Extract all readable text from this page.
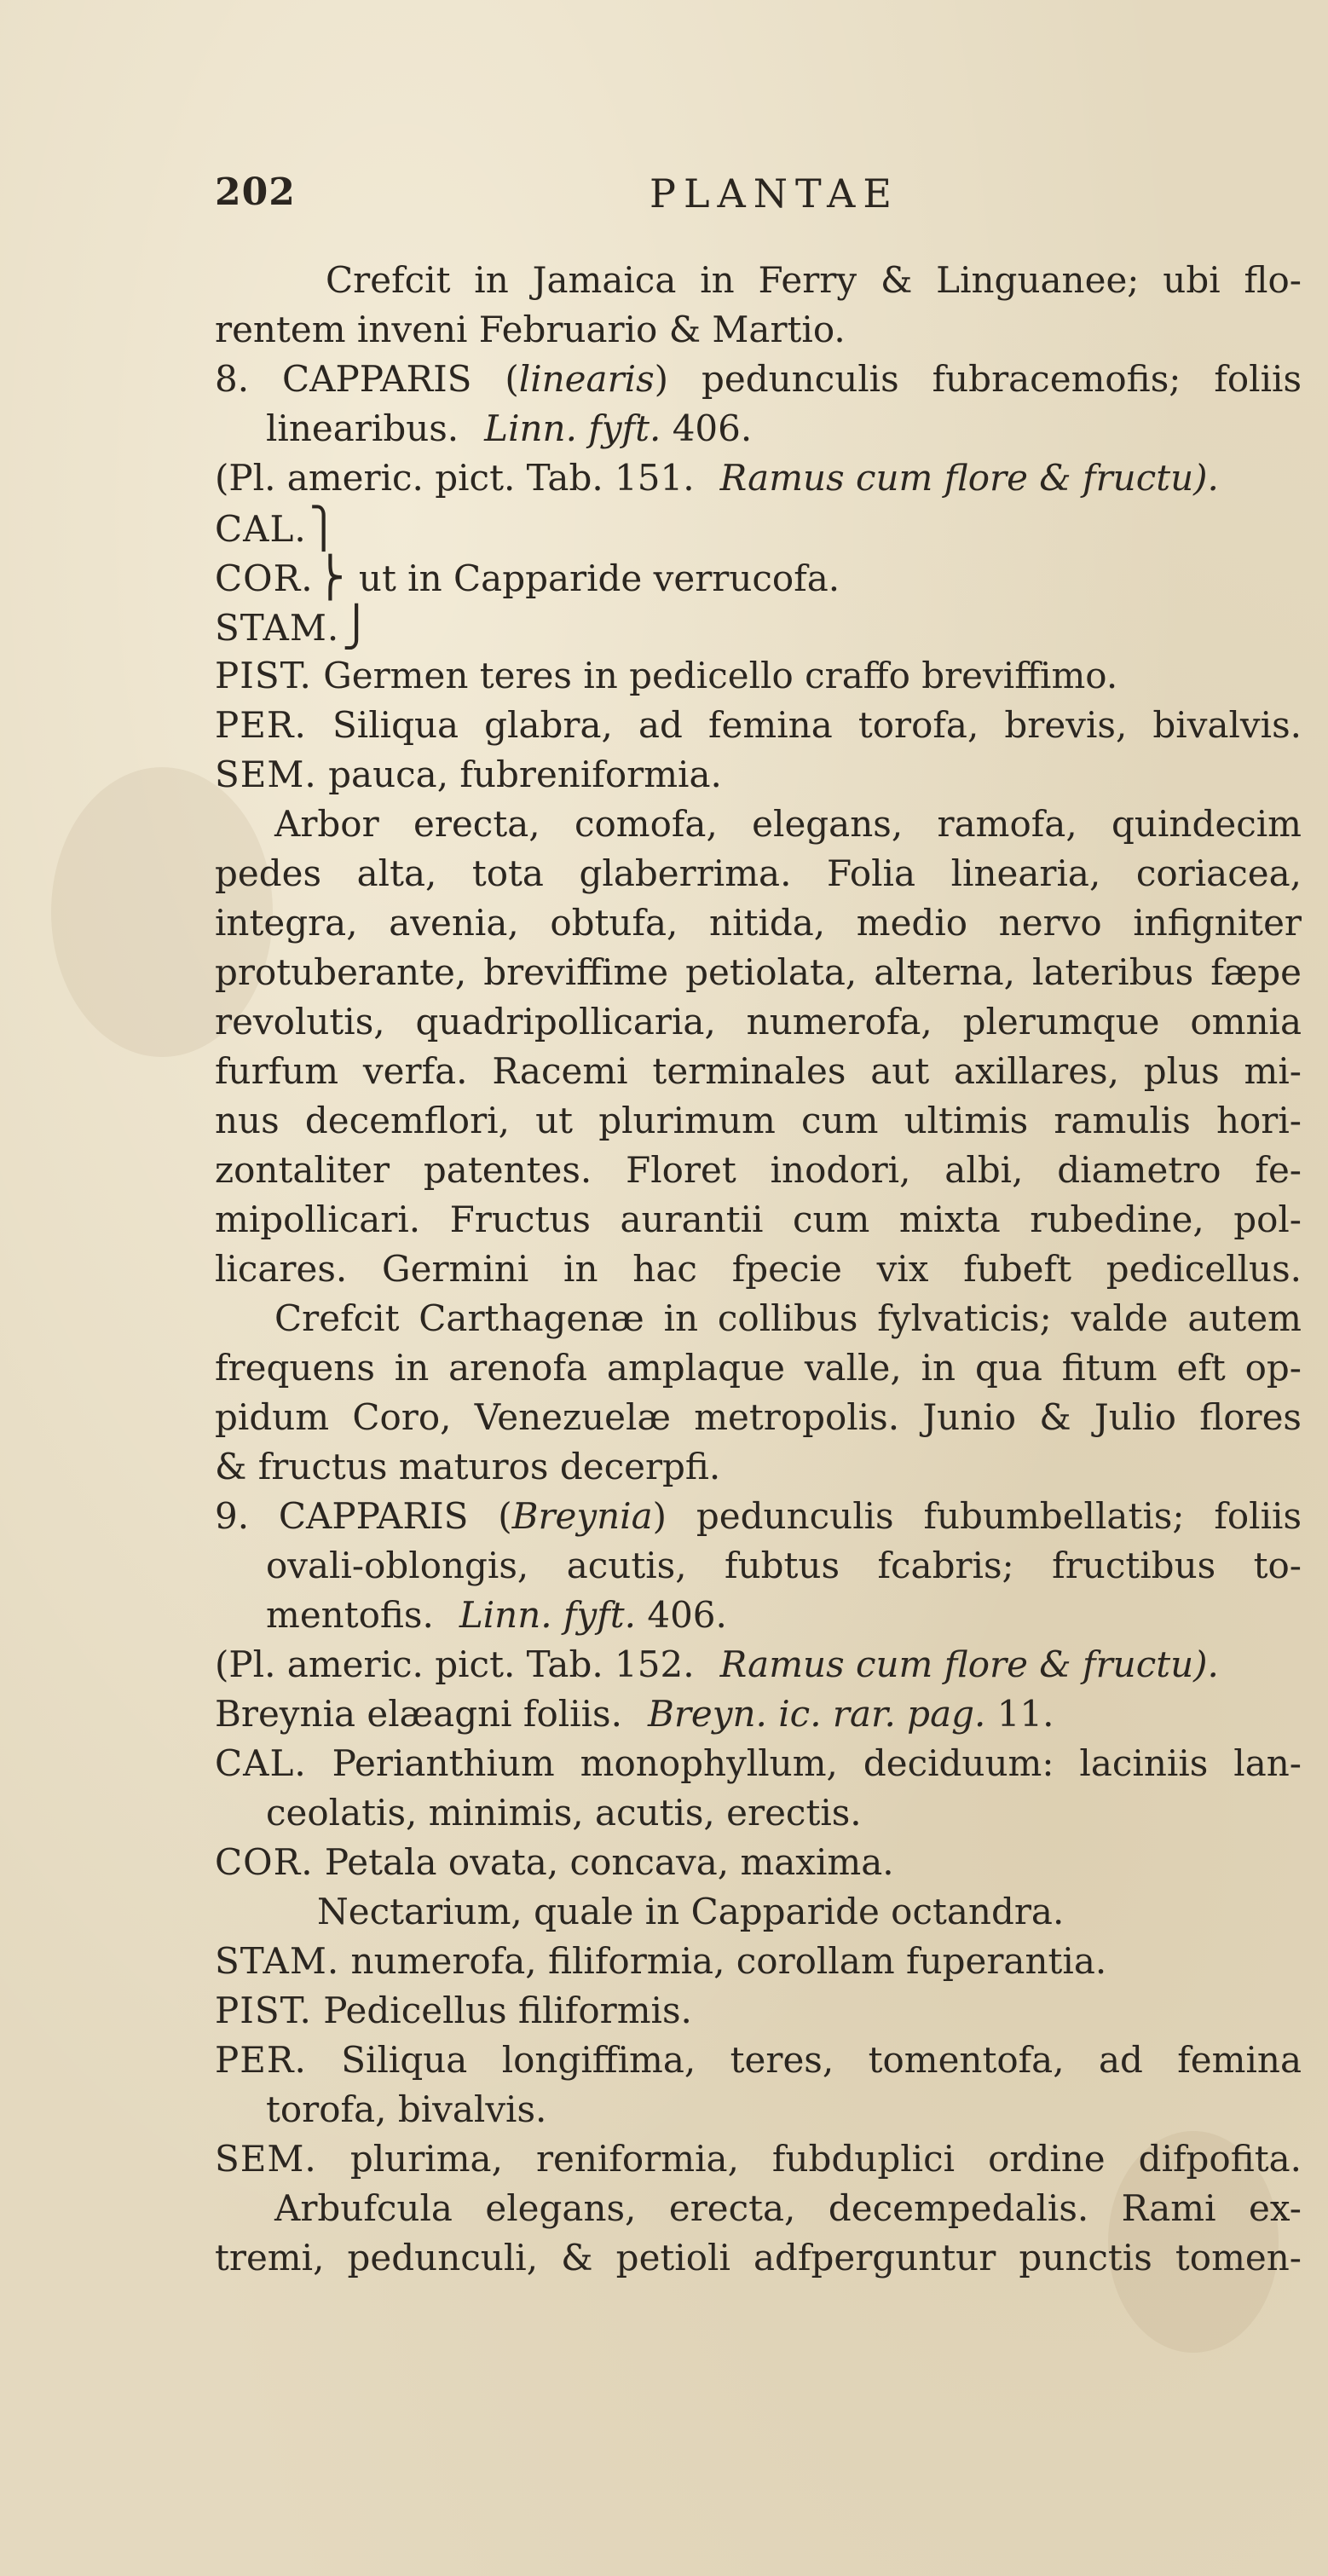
202	PLANTAE
Crefcit in Jamaica in Ferry & Linguanee; ubi flo-
rentem inveni Februario & Martio.
8. CAPPARIS (linearis) pedunculis fubracemofis; foliis
linearibus. Linn. fyft. 406.
(Pl. americ. pict. Tab. 151. Ramus cum flore & fructu).
CAL.⎫
COR.⎬ ut in Capparide verrucofa.
STAM.⎭
PIST. Germen teres in pedicello craffo breviffimo.
PER. Siliqua glabra, ad femina torofa, brevis, bivalvis.
SEM. pauca, fubreniformia.
Arbor erecta, comofa, elegans, ramofa, quindecim
pedes alta, tota glaberrima. Folia linearia, coriacea,
integra, avenia, obtufa, nitida, medio nervo infigniter
protuberante, breviffime petiolata, alterna, lateribus fæpe
revolutis, quadripollicaria, numerofa, plerumque omnia
furfum verfa. Racemi terminales aut axillares, plus mi-
nus decemflori, ut plurimum cum ultimis ramulis hori-
zontaliter patentes. Floret inodori, albi, diametro fe-
mipollicari. Fructus aurantii cum mixta rubedine, pol-
licares. Germini in hac fpecie vix fubeft pedicellus.
Crefcit Carthagenæ in collibus fylvaticis; valde autem
frequens in arenofa amplaque valle, in qua fitum eft op-
pidum Coro, Venezuelæ metropolis. Junio & Julio flores
& fructus maturos decerpfi.
9. CAPPARIS (Breynia) pedunculis fubumbellatis; foliis
ovali-oblongis, acutis, fubtus fcabris; fructibus to-
mentofis. Linn. fyft. 406.
(Pl. americ. pict. Tab. 152. Ramus cum flore & fructu).
Breynia elæagni foliis. Breyn. ic. rar. pag. 11.
CAL. Perianthium monophyllum, deciduum: laciniis lan-
ceolatis, minimis, acutis, erectis.
COR. Petala ovata, concava, maxima.
Nectarium, quale in Capparide octandra.
STAM. numerofa, filiformia, corollam fuperantia.
PIST. Pedicellus filiformis.
PER. Siliqua longiffima, teres, tomentofa, ad femina
torofa, bivalvis.
SEM. plurima, reniformia, fubduplici ordine difpofita.
Arbufcula elegans, erecta, decempedalis. Rami ex-
tremi, pedunculi, & petioli adfperguntur punctis tomen-
